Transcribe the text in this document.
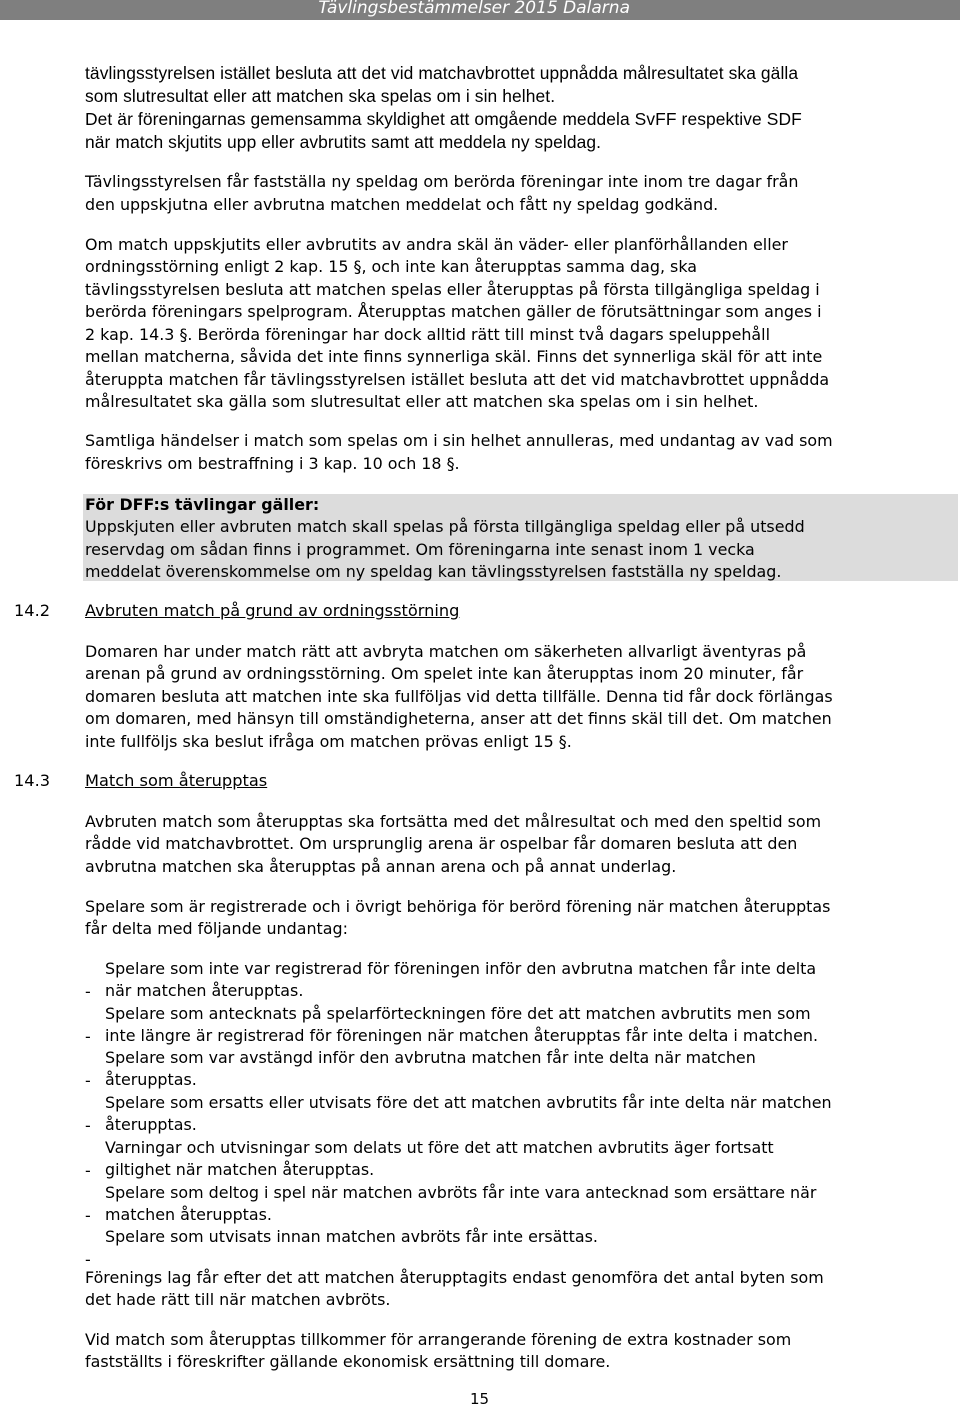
Tävlingsbestämmelser 2015 Dalarna
tävlingsstyrelsen istället besluta att det vid matchavbrottet uppnådda målresultatet ska gälla
som slutresultat eller att matchen ska spelas om i sin helhet.
Det är föreningarnas gemensamma skyldighet att omgående meddela SvFF respektive SDF
när match skjutits upp eller avbrutits samt att meddela ny speldag.
Tävlingsstyrelsen får fastställa ny speldag om berörda föreningar inte inom tre dagar från
den uppskjutna eller avbrutna matchen meddelat och fått ny speldag godkänd.
Om match uppskjutits eller avbrutits av andra skäl än väder- eller planförhållanden eller
ordningsstörning enligt 2 kap. 15 §, och inte kan återupptas samma dag, ska
tävlingsstyrelsen besluta att matchen spelas eller återupptas på första tillgängliga speldag i
berörda föreningars spelprogram. Återupptas matchen gäller de förutsättningar som anges i
2 kap. 14.3 §. Berörda föreningar har dock alltid rätt till minst två dagars speluppehåll
mellan matcherna, såvida det inte finns synnerliga skäl. Finns det synnerliga skäl för att inte
återuppta matchen får tävlingsstyrelsen istället besluta att det vid matchavbrottet uppnådda
målresultatet ska gälla som slutresultat eller att matchen ska spelas om i sin helhet.
Samtliga händelser i match som spelas om i sin helhet annulleras, med undantag av vad som
föreskrivs om bestraffning i 3 kap. 10 och 18 §.
För DFF:s tävlingar gäller:
Uppskjuten eller avbruten match skall spelas på första tillgängliga speldag eller på utsedd
reservdag om sådan finns i programmet. Om föreningarna inte senast inom 1 vecka
meddelat överenskommelse om ny speldag kan tävlingsstyrelsen fastställa ny speldag.
14.2 Avbruten match på grund av ordningsstörning
Domaren har under match rätt att avbryta matchen om säkerheten allvarligt äventyras på
arenan på grund av ordningsstörning. Om spelet inte kan återupptas inom 20 minuter, får
domaren besluta att matchen inte ska fullföljas vid detta tillfälle. Denna tid får dock förlängas
om domaren, med hänsyn till omständigheterna, anser att det finns skäl till det. Om matchen
inte fullföljs ska beslut ifråga om matchen prövas enligt 15 §.
14.3 Match som återupptas
Avbruten match som återupptas ska fortsätta med det målresultat och med den speltid som
rådde vid matchavbrottet. Om ursprunglig arena är ospelbar får domaren besluta att den
avbrutna matchen ska återupptas på annan arena och på annat underlag.
Spelare som är registrerade och i övrigt behöriga för berörd förening när matchen återupptas
får delta med följande undantag:

-

Spelare som inte var registrerad för föreningen inför den avbrutna matchen får inte delta

när matchen återupptas.

-

Spelare som antecknats på spelarförteckningen före det att matchen avbrutits men som

inte längre är registrerad för föreningen när matchen återupptas får inte delta i matchen.

-

Spelare som var avstängd inför den avbrutna matchen får inte delta när matchen

återupptas.

-

Spelare som ersatts eller utvisats före det att matchen avbrutits får inte delta när matchen

återupptas.

-

Varningar och utvisningar som delats ut före det att matchen avbrutits äger fortsatt

giltighet när matchen återupptas.

-

Spelare som deltog i spel när matchen avbröts får inte vara antecknad som ersättare när

matchen återupptas.

-

Spelare som utvisats innan matchen avbröts får inte ersättas.

Förenings lag får efter det att matchen återupptagits endast genomföra det antal byten som
det hade rätt till när matchen avbröts.
Vid match som återupptas tillkommer för arrangerande förening de extra kostnader som
fastställts i föreskrifter gällande ekonomisk ersättning till domare.
15
